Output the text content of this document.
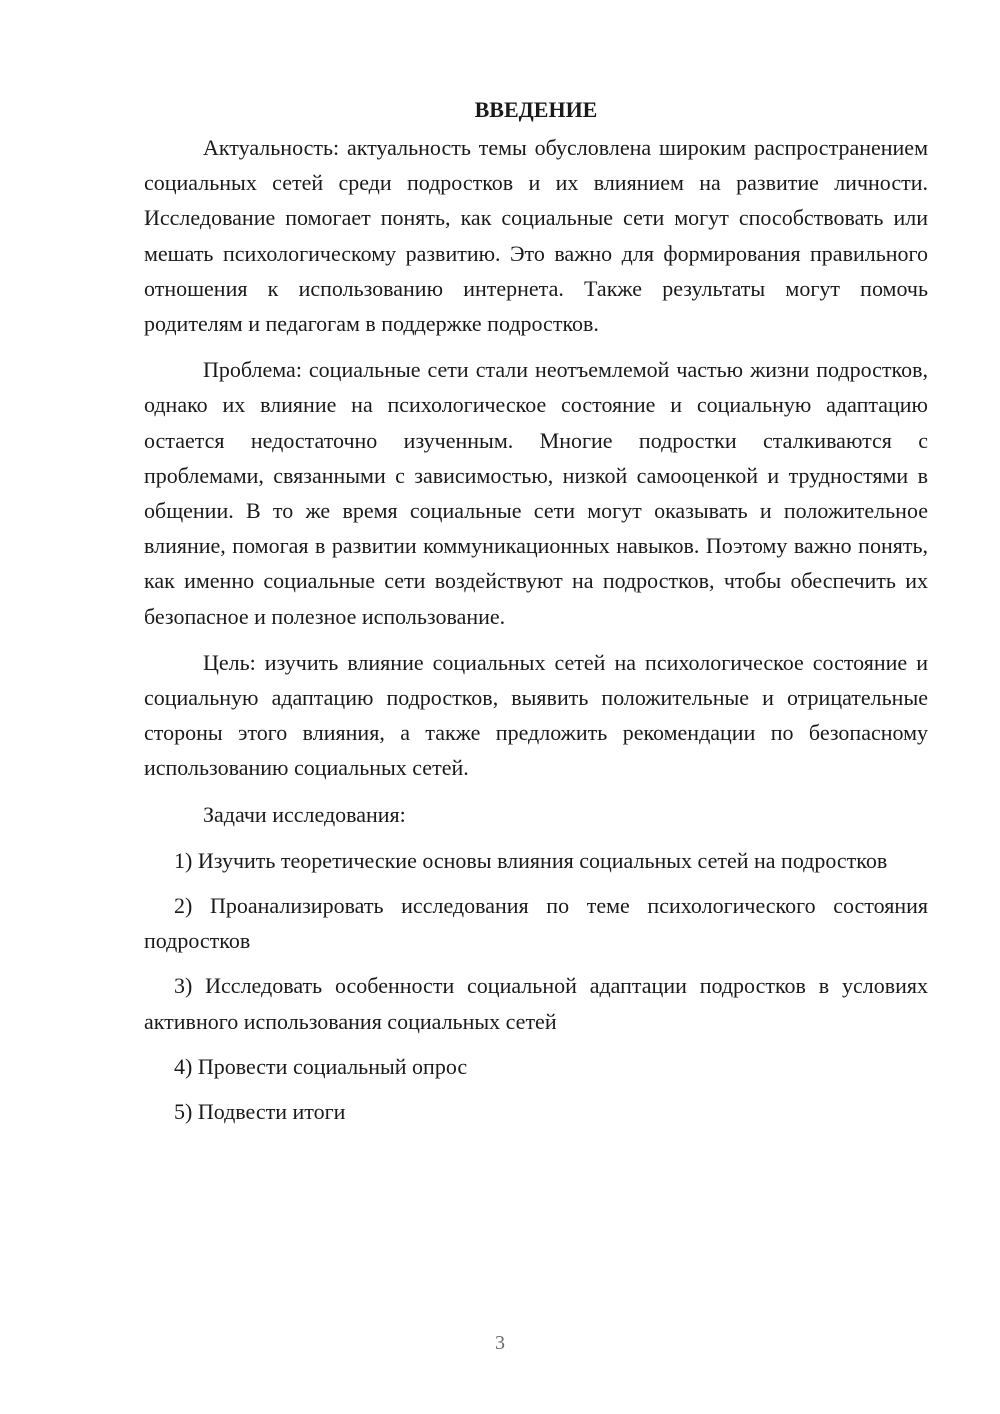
ВВЕДЕНИЕ

Актуальность: актуальность темы обусловлена широким распространением социальных сетей среди подростков и их влиянием на развитие личности. Исследование помогает понять, как социальные сети могут способствовать или мешать психологическому развитию. Это важно для формирования правильного отношения к использованию интернета. Также результаты могут помочь родителям и педагогам в поддержке подростков.

Проблема: социальные сети стали неотъемлемой частью жизни подростков, однако их влияние на психологическое состояние и социальную адаптацию остается недостаточно изученным. Многие подростки сталкиваются с проблемами, связанными с зависимостью, низкой самооценкой и трудностями в общении. В то же время социальные сети могут оказывать и положительное влияние, помогая в развитии коммуникационных навыков. Поэтому важно понять, как именно социальные сети воздействуют на подростков, чтобы обеспечить их безопасное и полезное использование.

Цель: изучить влияние социальных сетей на психологическое состояние и социальную адаптацию подростков, выявить положительные и отрицательные стороны этого влияния, а также предложить рекомендации по безопасному использованию социальных сетей.

Задачи исследования:

1) Изучить теоретические основы влияния социальных сетей на подростков

2) Проанализировать исследования по теме психологического состояния подростков

3) Исследовать особенности социальной адаптации подростков в условиях активного использования социальных сетей

4) Провести социальный опрос

5) Подвести итоги

3
